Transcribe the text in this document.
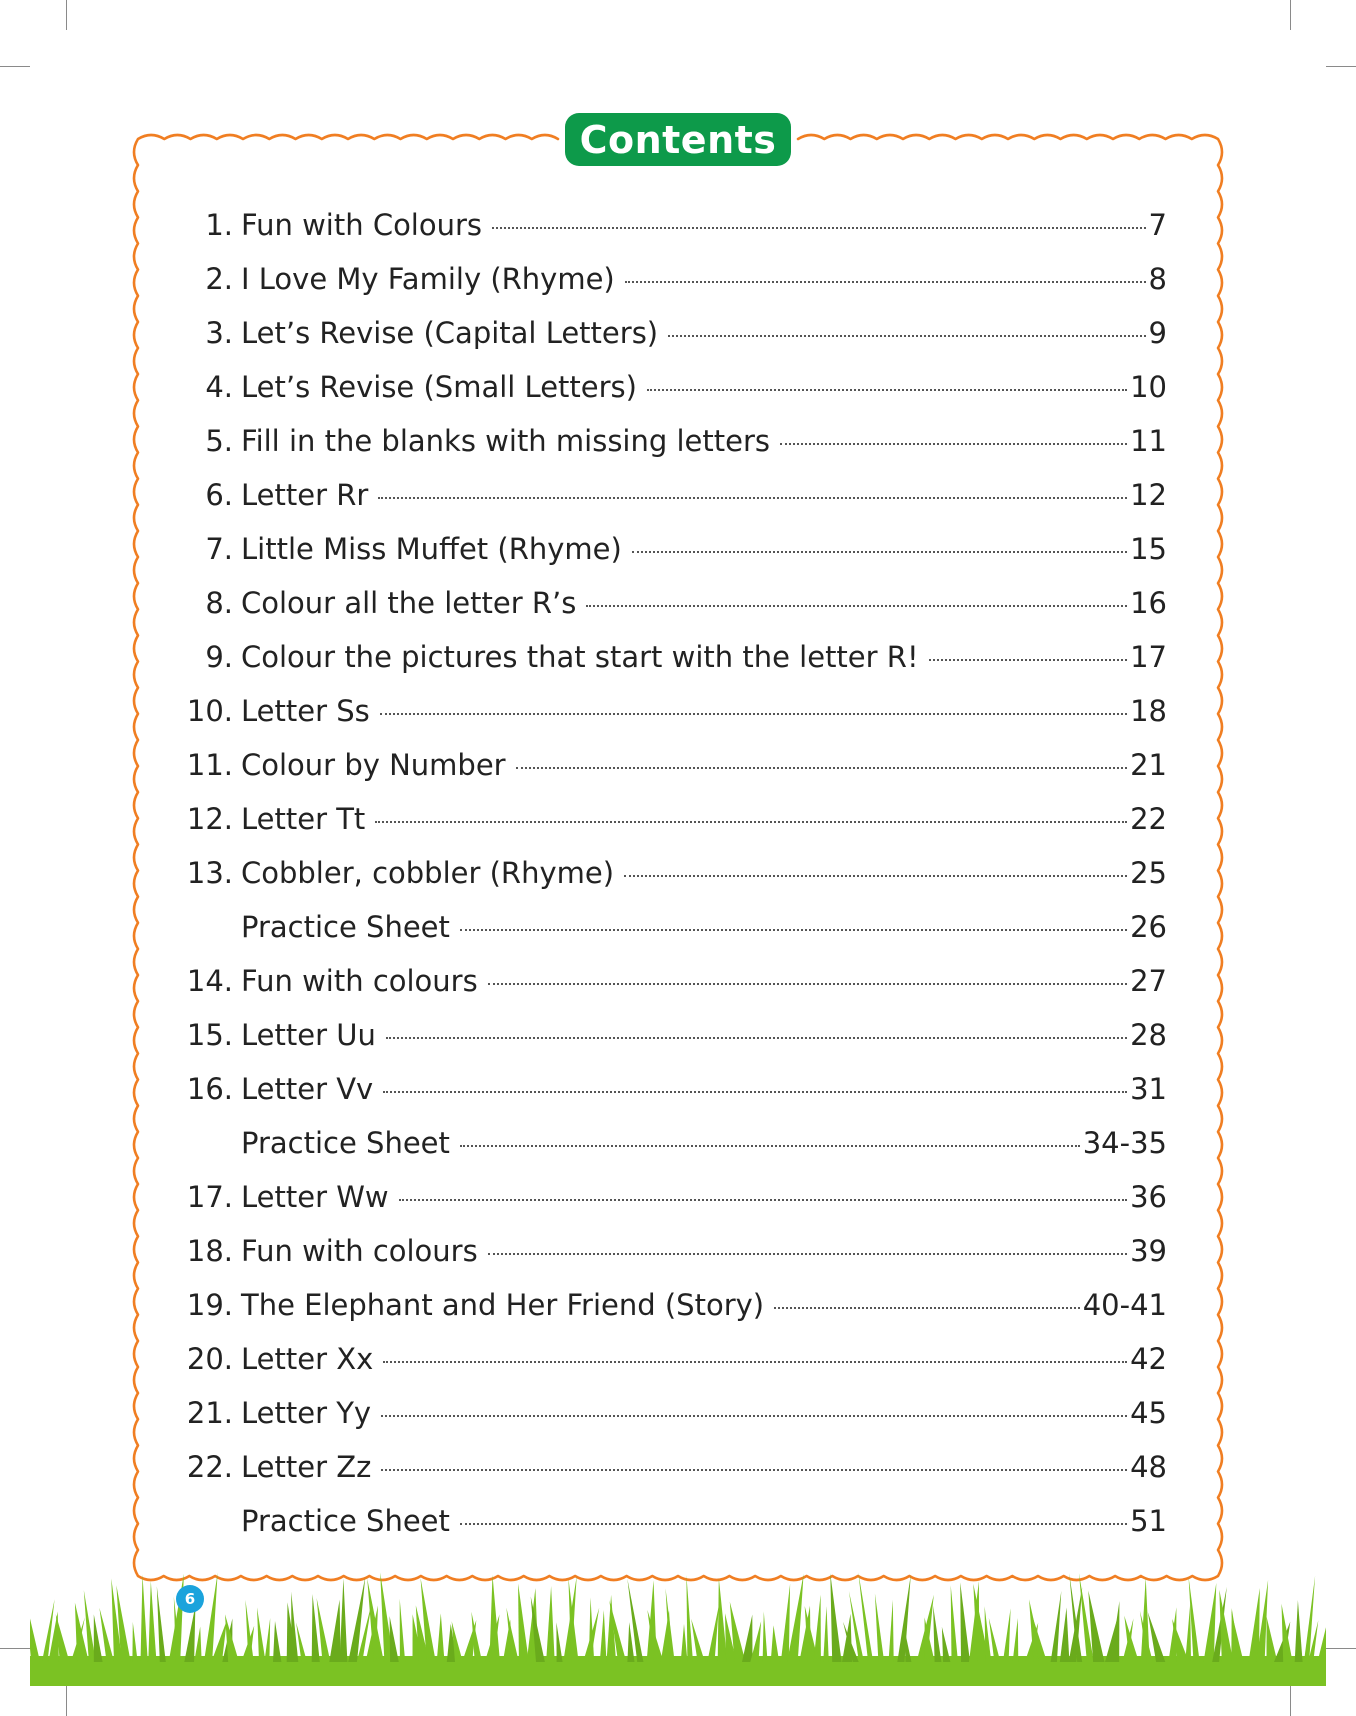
Contents
1. Fun with Colours	7
2. I Love My Family (Rhyme)	8
3. Let’s Revise (Capital Letters)	9
4. Let’s Revise (Small Letters)	10
5. Fill in the blanks with missing letters	11
6. Letter Rr	12
7. Little Miss Muffet (Rhyme)	15
8. Colour all the letter R’s	16
9. Colour the pictures that start with the letter R!	17
10. Letter Ss	18
11. Colour by Number	21
12. Letter Tt	22
13. Cobbler, cobbler (Rhyme)	25
Practice Sheet	26
14. Fun with colours	27
15. Letter Uu	28
16. Letter Vv	31
Practice Sheet	34-35
17. Letter Ww	36
18. Fun with colours	39
19. The Elephant and Her Friend (Story)	40-41
20. Letter Xx	42
21. Letter Yy	45
22. Letter Zz	48
Practice Sheet	51
6
